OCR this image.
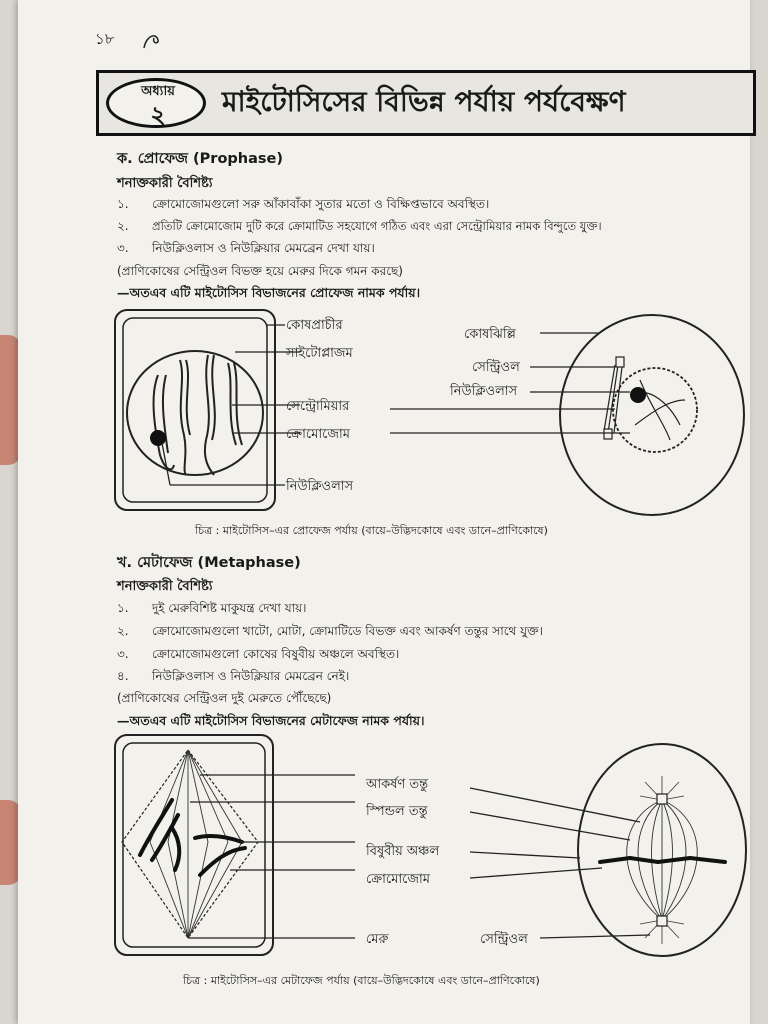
১৮
অধ্যায়
২	মাইটোসিসের বিভিন্ন পর্যায় পর্যবেক্ষণ
ক. প্রোফেজ (Prophase)
শনাক্তকারী বৈশিষ্ট্য
১. ক্রোমোজোমগুলো সরু আঁকাবাঁকা সুতার মতো ও বিক্ষিপ্তভাবে অবস্থিত।
২. প্রতিটি ক্রোমোজোম দুটি করে ক্রোমাটিড সহযোগে গঠিত এবং এরা সেন্ট্রোমিয়ার নামক বিন্দুতে যুক্ত।
৩. নিউক্লিওলাস ও নিউক্লিয়ার মেমব্রেন দেখা যায়।
(প্রাণিকোষের সেন্ট্রিওল বিভক্ত হয়ে মেরুর দিকে গমন করছে)
—অতএব এটি মাইটোসিস বিভাজনের প্রোফেজ নামক পর্যায়।
কোষপ্রাচীর
সাইটোপ্লাজম
সেন্ট্রোমিয়ার
ক্রোমোজোম
নিউক্লিওলাস
কোষঝিল্লি
সেন্ট্রিওল
নিউক্লিওলাস
চিত্র : মাইটোসিস–এর প্রোফেজ পর্যায় (বায়ে–উদ্ভিদকোষে এবং ডানে–প্রাণিকোষে)
খ. মেটাফেজ (Metaphase)
শনাক্তকারী বৈশিষ্ট্য
১. দুই মেরুবিশিষ্ট মাকুযন্ত্র দেখা যায়।
২. ক্রোমোজোমগুলো খাটো, মোটা, ক্রোমাটিডে বিভক্ত এবং আকর্ষণ তন্তুর সাথে যুক্ত।
৩. ক্রোমোজোমগুলো কোষের বিষুবীয় অঞ্চলে অবস্থিত।
৪. নিউক্লিওলাস ও নিউক্লিয়ার মেমব্রেন নেই।
(প্রাণিকোষের সেন্ট্রিওল দুই মেরুতে পৌঁছেছে)
—অতএব এটি মাইটোসিস বিভাজনের মেটাফেজ নামক পর্যায়।
আকর্ষণ তন্তু
স্পিন্ডল তন্তু
বিষুবীয় অঞ্চল
ক্রোমোজোম
মেরু	সেন্ট্রিওল
চিত্র : মাইটোসিস–এর মেটাফেজ পর্যায় (বায়ে–উদ্ভিদকোষে এবং ডানে–প্রাণিকোষে)
